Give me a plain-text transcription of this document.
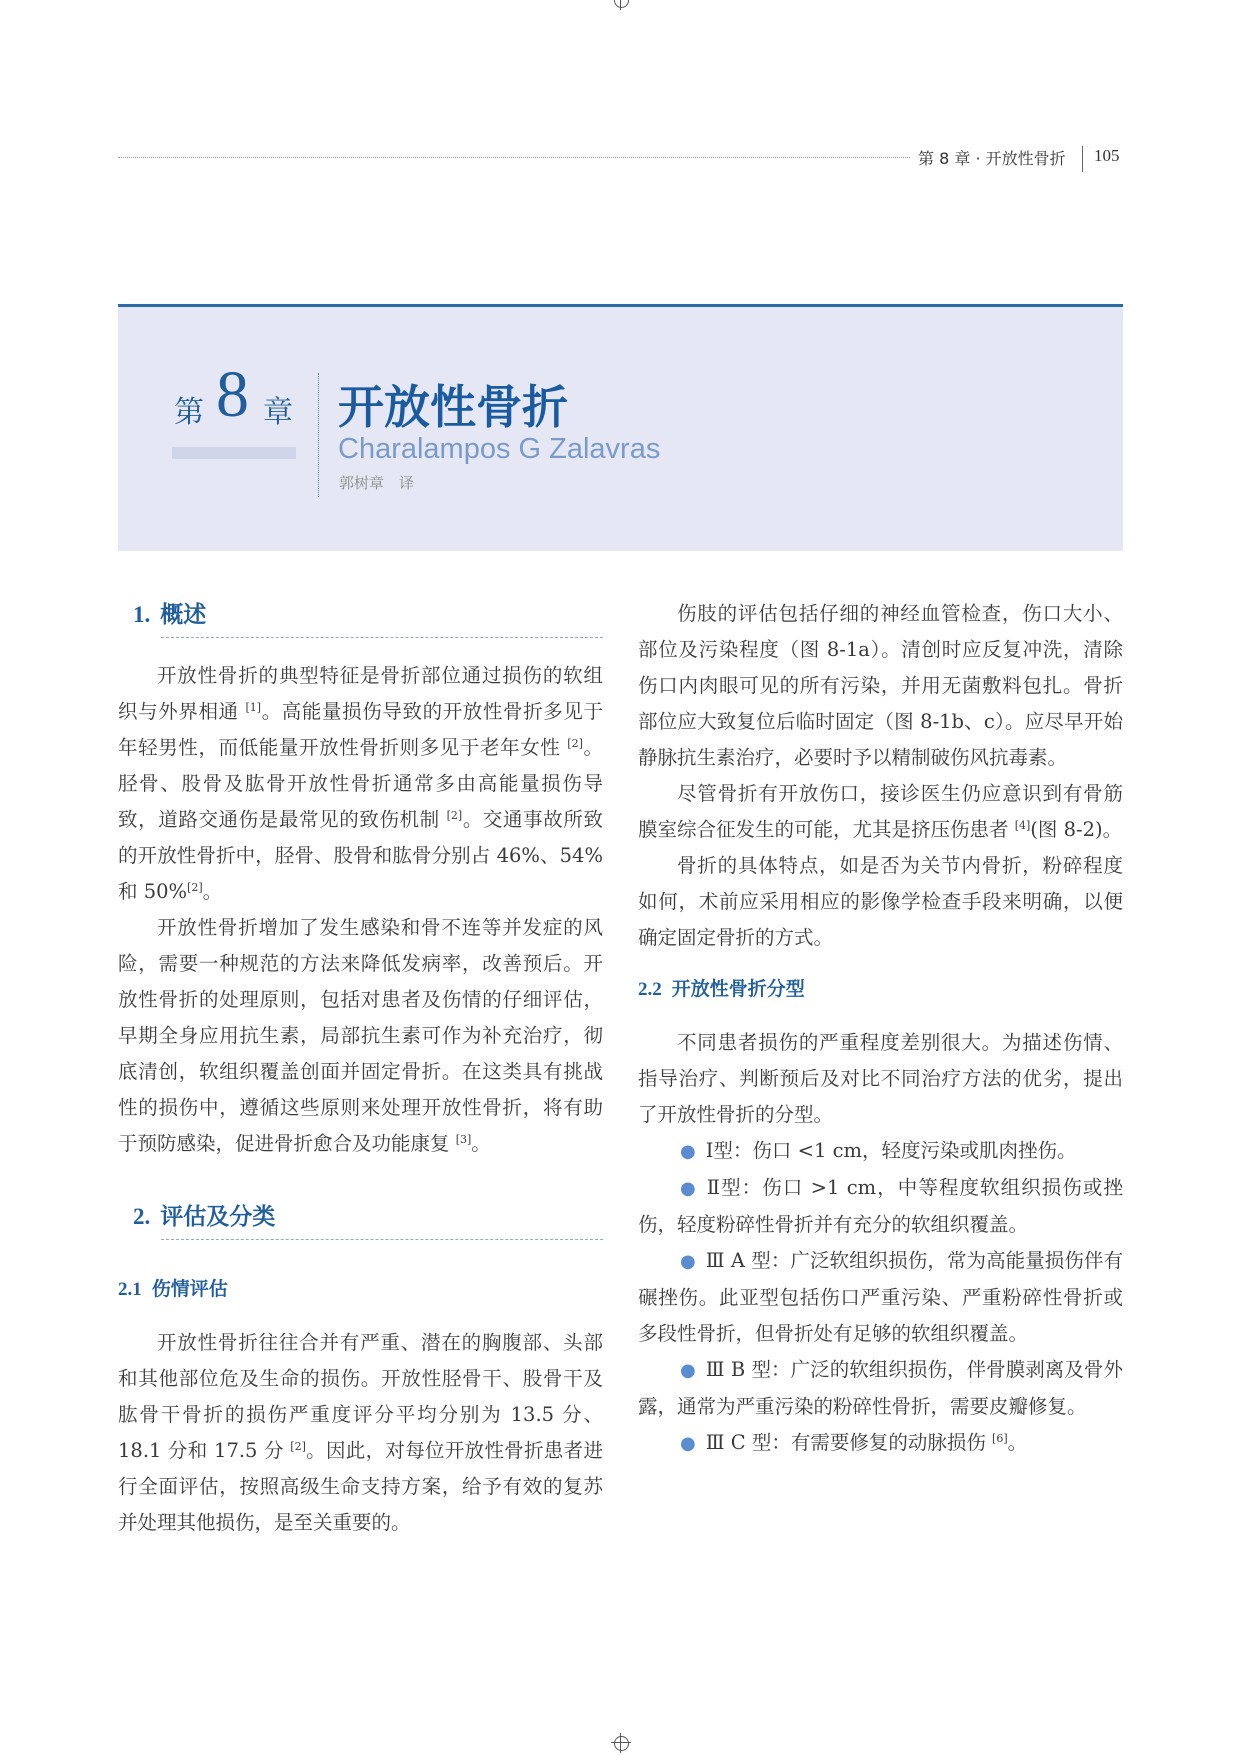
第 8 章 · 开放性骨折	105
第 8 章 开放性骨折
Charalampos G Zalavras
郭树章　译
1. 概述

开放性骨折的典型特征是骨折部位通过损伤的软组织与外界相通 [1]。高能量损伤导致的开放性骨折多见于年轻男性，而低能量开放性骨折则多见于老年女性 [2]。胫骨、股骨及肱骨开放性骨折通常多由高能量损伤导致，道路交通伤是最常见的致伤机制 [2]。交通事故所致的开放性骨折中，胫骨、股骨和肱骨分别占 46%、54% 和 50%[2]。

开放性骨折增加了发生感染和骨不连等并发症的风险，需要一种规范的方法来降低发病率，改善预后。开放性骨折的处理原则，包括对患者及伤情的仔细评估，早期全身应用抗生素，局部抗生素可作为补充治疗，彻底清创，软组织覆盖创面并固定骨折。在这类具有挑战性的损伤中，遵循这些原则来处理开放性骨折，将有助于预防感染，促进骨折愈合及功能康复 [3]。

2. 评估及分类
2.1 伤情评估

开放性骨折往往合并有严重、潜在的胸腹部、头部和其他部位危及生命的损伤。开放性胫骨干、股骨干及肱骨干骨折的损伤严重度评分平均分别为 13.5 分、18.1 分和 17.5 分 [2]。因此，对每位开放性骨折患者进行全面评估，按照高级生命支持方案，给予有效的复苏并处理其他损伤，是至关重要的。

伤肢的评估包括仔细的神经血管检查，伤口大小、部位及污染程度（图 8-1a）。清创时应反复冲洗，清除伤口内肉眼可见的所有污染，并用无菌敷料包扎。骨折部位应大致复位后临时固定（图 8-1b、c）。应尽早开始静脉抗生素治疗，必要时予以精制破伤风抗毒素。

尽管骨折有开放伤口，接诊医生仍应意识到有骨筋膜室综合征发生的可能，尤其是挤压伤患者 [4](图 8-2)。

骨折的具体特点，如是否为关节内骨折，粉碎程度如何，术前应采用相应的影像学检查手段来明确，以便确定固定骨折的方式。

2.2 开放性骨折分型

不同患者损伤的严重程度差别很大。为描述伤情、指导治疗、判断预后及对比不同治疗方法的优劣，提出了开放性骨折的分型。

● Ⅰ型：伤口 <1 cm，轻度污染或肌肉挫伤。

● Ⅱ型：伤口 >1 cm，中等程度软组织损伤或挫伤，轻度粉碎性骨折并有充分的软组织覆盖。

● Ⅲ A 型：广泛软组织损伤，常为高能量损伤伴有碾挫伤。此亚型包括伤口严重污染、严重粉碎性骨折或多段性骨折，但骨折处有足够的软组织覆盖。

● Ⅲ B 型：广泛的软组织损伤，伴骨膜剥离及骨外露，通常为严重污染的粉碎性骨折，需要皮瓣修复。

● Ⅲ C 型：有需要修复的动脉损伤 [6]。
